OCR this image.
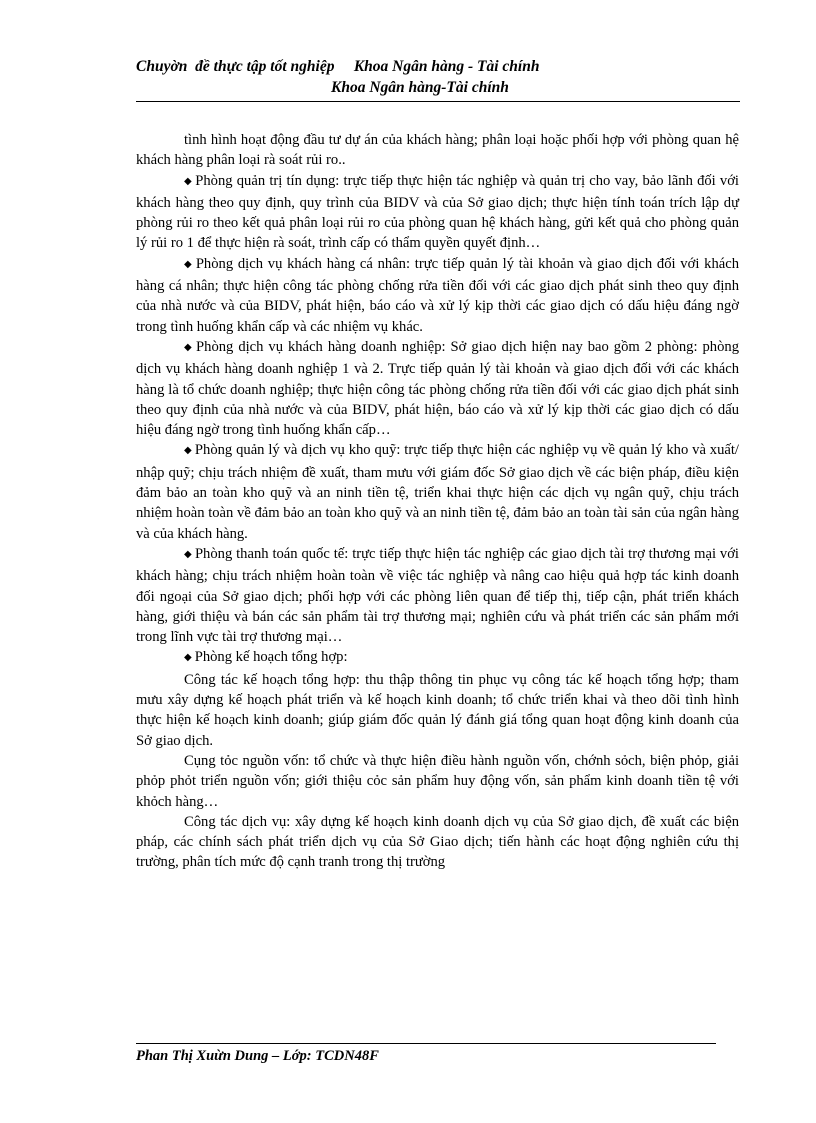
Chuyờn  đề thực tập tốt nghiệp     Khoa Ngân hàng - Tài chính
Khoa Ngân hàng-Tài chính

tình hình hoạt động đầu tư dự án của khách hàng; phân loại hoặc phối hợp với phòng quan hệ khách hàng phân loại rà soát rủi ro..

◆ Phòng quản trị tín dụng: trực tiếp thực hiện tác nghiệp và quản trị cho vay, bảo lãnh đối với khách hàng theo quy định, quy trình của BIDV và của Sở giao dịch; thực hiện tính toán trích lập dự phòng rủi ro theo kết quả phân loại rủi ro của phòng quan hệ khách hàng, gửi kết quả cho phòng quản lý rủi ro 1 để thực hiện rà soát, trình cấp có thẩm quyền quyết định…

◆ Phòng dịch vụ khách hàng cá nhân: trực tiếp quản lý tài khoản và giao dịch đối với khách hàng cá nhân; thực hiện công tác phòng chống rửa tiền đối với các giao dịch phát sinh theo quy định của nhà nước và của BIDV, phát hiện, báo cáo và xử lý kịp thời các giao dịch có dấu hiệu đáng ngờ trong tình huống khẩn cấp và các nhiệm vụ khác.

◆ Phòng dịch vụ khách hàng doanh nghiệp: Sở giao dịch hiện nay bao gồm 2 phòng: phòng dịch vụ khách hàng doanh nghiệp 1 và 2. Trực tiếp quản lý tài khoản và giao dịch đối với các khách hàng là tổ chức doanh nghiệp; thực hiện công tác phòng chống rửa tiền đối với các giao dịch phát sinh theo quy định của nhà nước và của BIDV, phát hiện, báo cáo và xử lý kịp thời các giao dịch có dấu hiệu đáng ngờ trong tình huống khẩn cấp…

◆ Phòng quản lý và dịch vụ kho quỹ: trực tiếp thực hiện các nghiệp vụ về quản lý kho và xuất/ nhập quỹ; chịu trách nhiệm đề xuất, tham mưu với giám đốc Sở giao dịch về các biện pháp, điều kiện đảm bảo an toàn kho quỹ và an ninh tiền tệ, triển khai thực hiện các dịch vụ ngân quỹ, chịu trách nhiệm hoàn toàn về đảm bảo an toàn kho quỹ và an ninh tiền tệ, đảm bảo an toàn tài sản của ngân hàng và của khách hàng.

◆ Phòng thanh toán quốc tế: trực tiếp thực hiện tác nghiệp các giao dịch tài trợ thương mại với khách hàng; chịu trách nhiệm hoàn toàn về việc tác nghiệp và nâng cao hiệu quả hợp tác kinh doanh đối ngoại của Sở giao dịch; phối hợp với các phòng liên quan để tiếp thị, tiếp cận, phát triển khách hàng, giới thiệu và bán các sản phẩm tài trợ thương mại; nghiên cứu và phát triển các sản phẩm mới trong lĩnh vực tài trợ thương mại…

◆ Phòng kế hoạch tổng hợp:

Công tác kế hoạch tổng hợp: thu thập thông tin phục vụ công tác kế hoạch tổng hợp; tham mưu xây dựng kế hoạch phát triển và kế hoạch kinh doanh; tổ chức triển khai và theo dõi tình hình thực hiện kế hoạch kinh doanh; giúp giám đốc quản lý đánh giá tổng quan hoạt động kinh doanh của Sở giao dịch.

Cụng tỏc nguồn vốn: tổ chức và thực hiện điều hành nguồn vốn, chớnh sỏch, biện phỏp, giải phỏp phỏt triển nguồn vốn; giới thiệu cỏc sản phẩm huy động vốn, sản phẩm kinh doanh tiền tệ với khỏch hàng…

Công tác dịch vụ: xây dựng kế hoạch kinh doanh dịch vụ của Sở giao dịch, đề xuất các biện pháp, các chính sách phát triển dịch vụ của Sở Giao dịch; tiến hành các hoạt động nghiên cứu thị trường, phân tích mức độ cạnh tranh trong thị trường

Phan Thị Xuừn Dung – Lớp: TCDN48F
